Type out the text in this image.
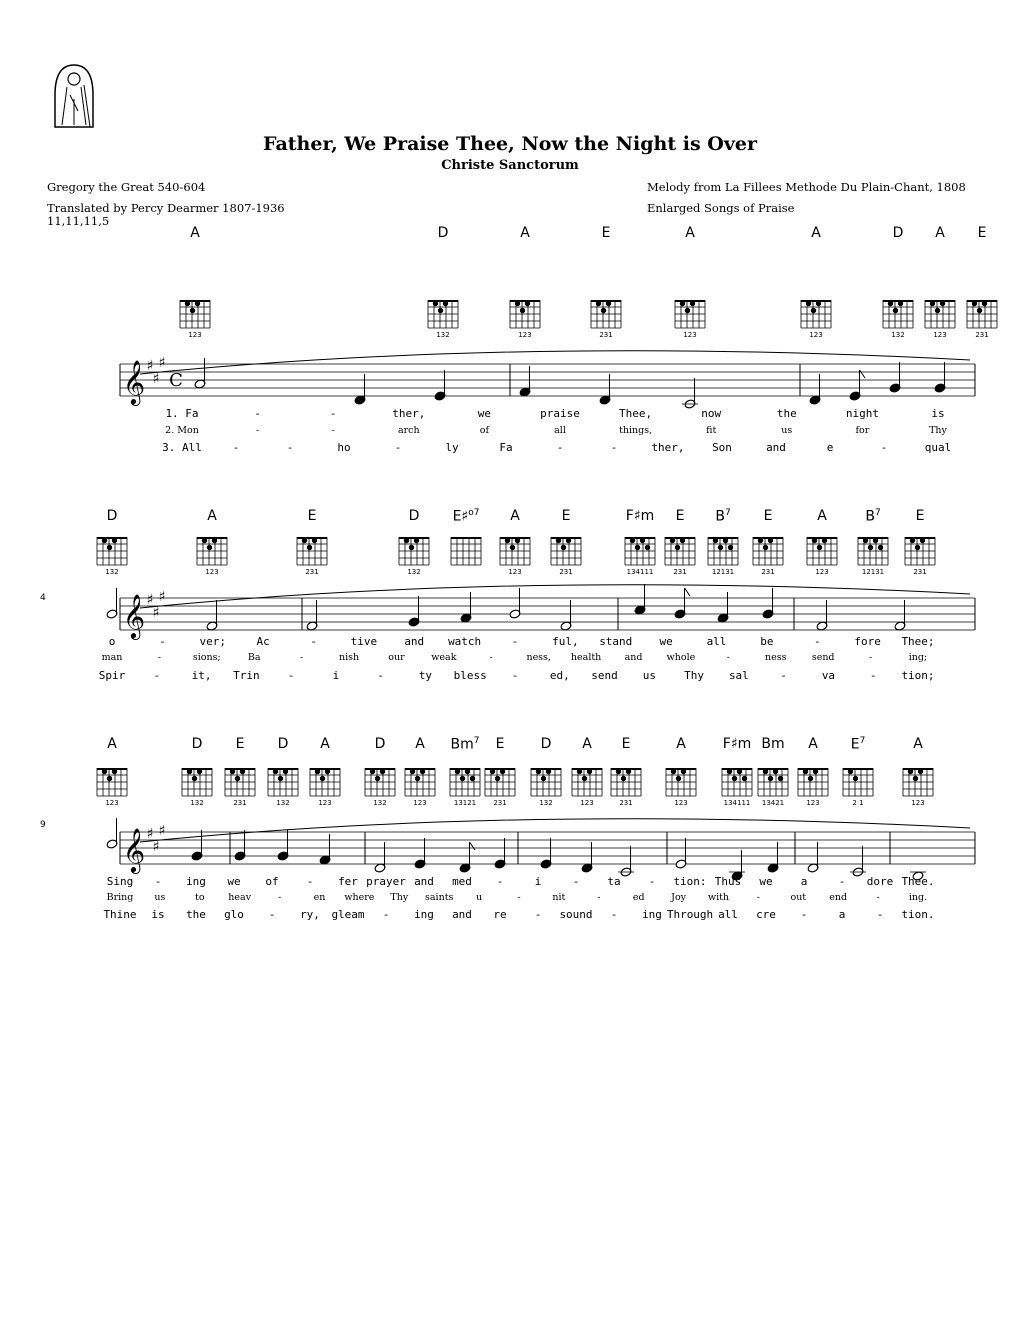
Father, We Praise Thee, Now the Night is Over
Christe Sanctorum
Gregory the Great 540-604
Translated by Percy Dearmer 1807-1936
11,11,11,5
Melody from La Fillees Methode Du Plain-Chant, 1808
Enlarged Songs of Praise
4
9
𝄞 ♯
♯
♯
C
123	132	123	231	123	123	132	231
123
𝄞 ♯
♯
♯
132	123	231	132	123	231	134111	231	12131	231	123	12131	231
𝄞 ♯
♯
♯
123	132	231	132	123	132	123	13121 231	132	123	231	123	134111 13421	123	2 1	123
A	D	A	E	A	A	D	E
A
1. Fa	-	-	ther,	we	praise	Thee,	now	the	night	is
2. Mon	-	-	arch	of	all	things,	fit	us	for	Thy
3. All	-	-	ho	-	ly	Fa	-	-	ther,	Son	and	e	-	qual
D	A	E	D E♯$^{o7}$ A	E	F♯m E $B^7$ E	A	$B^7$ E
o	-	ver;	Ac	-	tive and watch	-	ful, stand we	all	be	-	fore Thee;
man	-	sions;	Ba	-	nish	our	weak	-	ness, health and	whole	-	ness	send	-	ing;
Spir	-	it, Trin	-	i	-	ty bless -	ed, send us	Thy sal	-	va	- tion;
A	D E D A	D A Bm$^7$ E	D A E	A	F♯m Bm A $E^7$	A
Sing - ing we of	- fer prayer and med -	i	-	ta	- tion: Thus we	a	- dore Thee.
Bring us	to heav	-	en where Thy saints u	-	nit	-	ed	Joy with	-	out end	-	ing.
Thine is the glo - ry, gleam - ing and re	- sound - ing Through all cre -	a	- tion.
